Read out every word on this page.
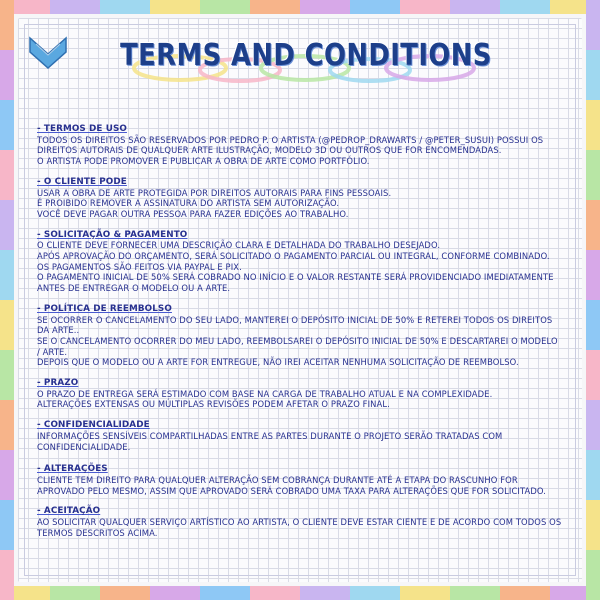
TERMS AND CONDITIONS
- TERMOS DE USO
TODOS OS DIREITOS SÃO RESERVADOS POR PEDRO P. O ARTISTA (@PEDROP_DRAWARTS / @PETER_SUSUI) POSSUI OS DIREITOS AUTORAIS DE QUALQUER ARTE ILUSTRAÇÃO, MODELO 3D OU OUTROS QUE FOR ENCOMENDADAS.
O ARTISTA PODE PROMOVER E PUBLICAR A OBRA DE ARTE COMO PORTFÓLIO.
- O CLIENTE PODE
USAR A OBRA DE ARTE PROTEGIDA POR DIREITOS AUTORAIS PARA FINS PESSOAIS.
É PROIBIDO REMOVER A ASSINATURA DO ARTISTA SEM AUTORIZAÇÃO.
VOCÊ DEVE PAGAR OUTRA PESSOA PARA FAZER EDIÇÕES AO TRABALHO.
- SOLICITAÇÃO & PAGAMENTO
O CLIENTE DEVE FORNECER UMA DESCRIÇÃO CLARA E DETALHADA DO TRABALHO DESEJADO.
APÓS APROVAÇÃO DO ORÇAMENTO, SERÁ SOLICITADO O PAGAMENTO PARCIAL OU INTEGRAL, CONFORME COMBINADO.
OS PAGAMENTOS SÃO FEITOS VIA PAYPAL E PIX.
O PAGAMENTO INICIAL DE 50% SERÁ COBRADO NO INÍCIO E O VALOR RESTANTE SERÁ PROVIDENCIADO IMEDIATAMENTE ANTES DE ENTREGAR O MODELO OU A ARTE.
- POLÍTICA DE REEMBOLSO
SE OCORRER O CANCELAMENTO DO SEU LADO, MANTEREI O DEPÓSITO INICIAL DE 50% E RETEREI TODOS OS DIREITOS DA ARTE..
SE O CANCELAMENTO OCORRER DO MEU LADO, REEMBOLSAREI O DEPÓSITO INICIAL DE 50% E DESCARTAREI O MODELO / ARTE.
DEPOIS QUE O MODELO OU A ARTE FOR ENTREGUE, NÃO IREI ACEITAR NENHUMA SOLICITAÇÃO DE REEMBOLSO.
- PRAZO
O PRAZO DE ENTREGA SERÁ ESTIMADO COM BASE NA CARGA DE TRABALHO ATUAL E NA COMPLEXIDADE.
ALTERAÇÕES EXTENSAS OU MÚLTIPLAS REVISÕES PODEM AFETAR O PRAZO FINAL.
- CONFIDENCIALIDADE
INFORMAÇÕES SENSÍVEIS COMPARTILHADAS ENTRE AS PARTES DURANTE O PROJETO SERÃO TRATADAS COM CONFIDENCIALIDADE.
- ALTERAÇÕES
CLIENTE TEM DIREITO PARA QUALQUER ALTERAÇÃO SEM COBRANÇA DURANTE ATÉ A ETAPA DO RASCUNHO FOR APROVADO PELO MESMO, ASSIM QUE APROVADO SERÁ COBRADO UMA TAXA PARA ALTERAÇÕES QUE FOR SOLICITADO.
- ACEITAÇÃO
AO SOLICITAR QUALQUER SERVIÇO ARTÍSTICO AO ARTISTA, O CLIENTE DEVE ESTAR CIENTE E DE ACORDO COM TODOS OS TERMOS DESCRITOS ACIMA.
